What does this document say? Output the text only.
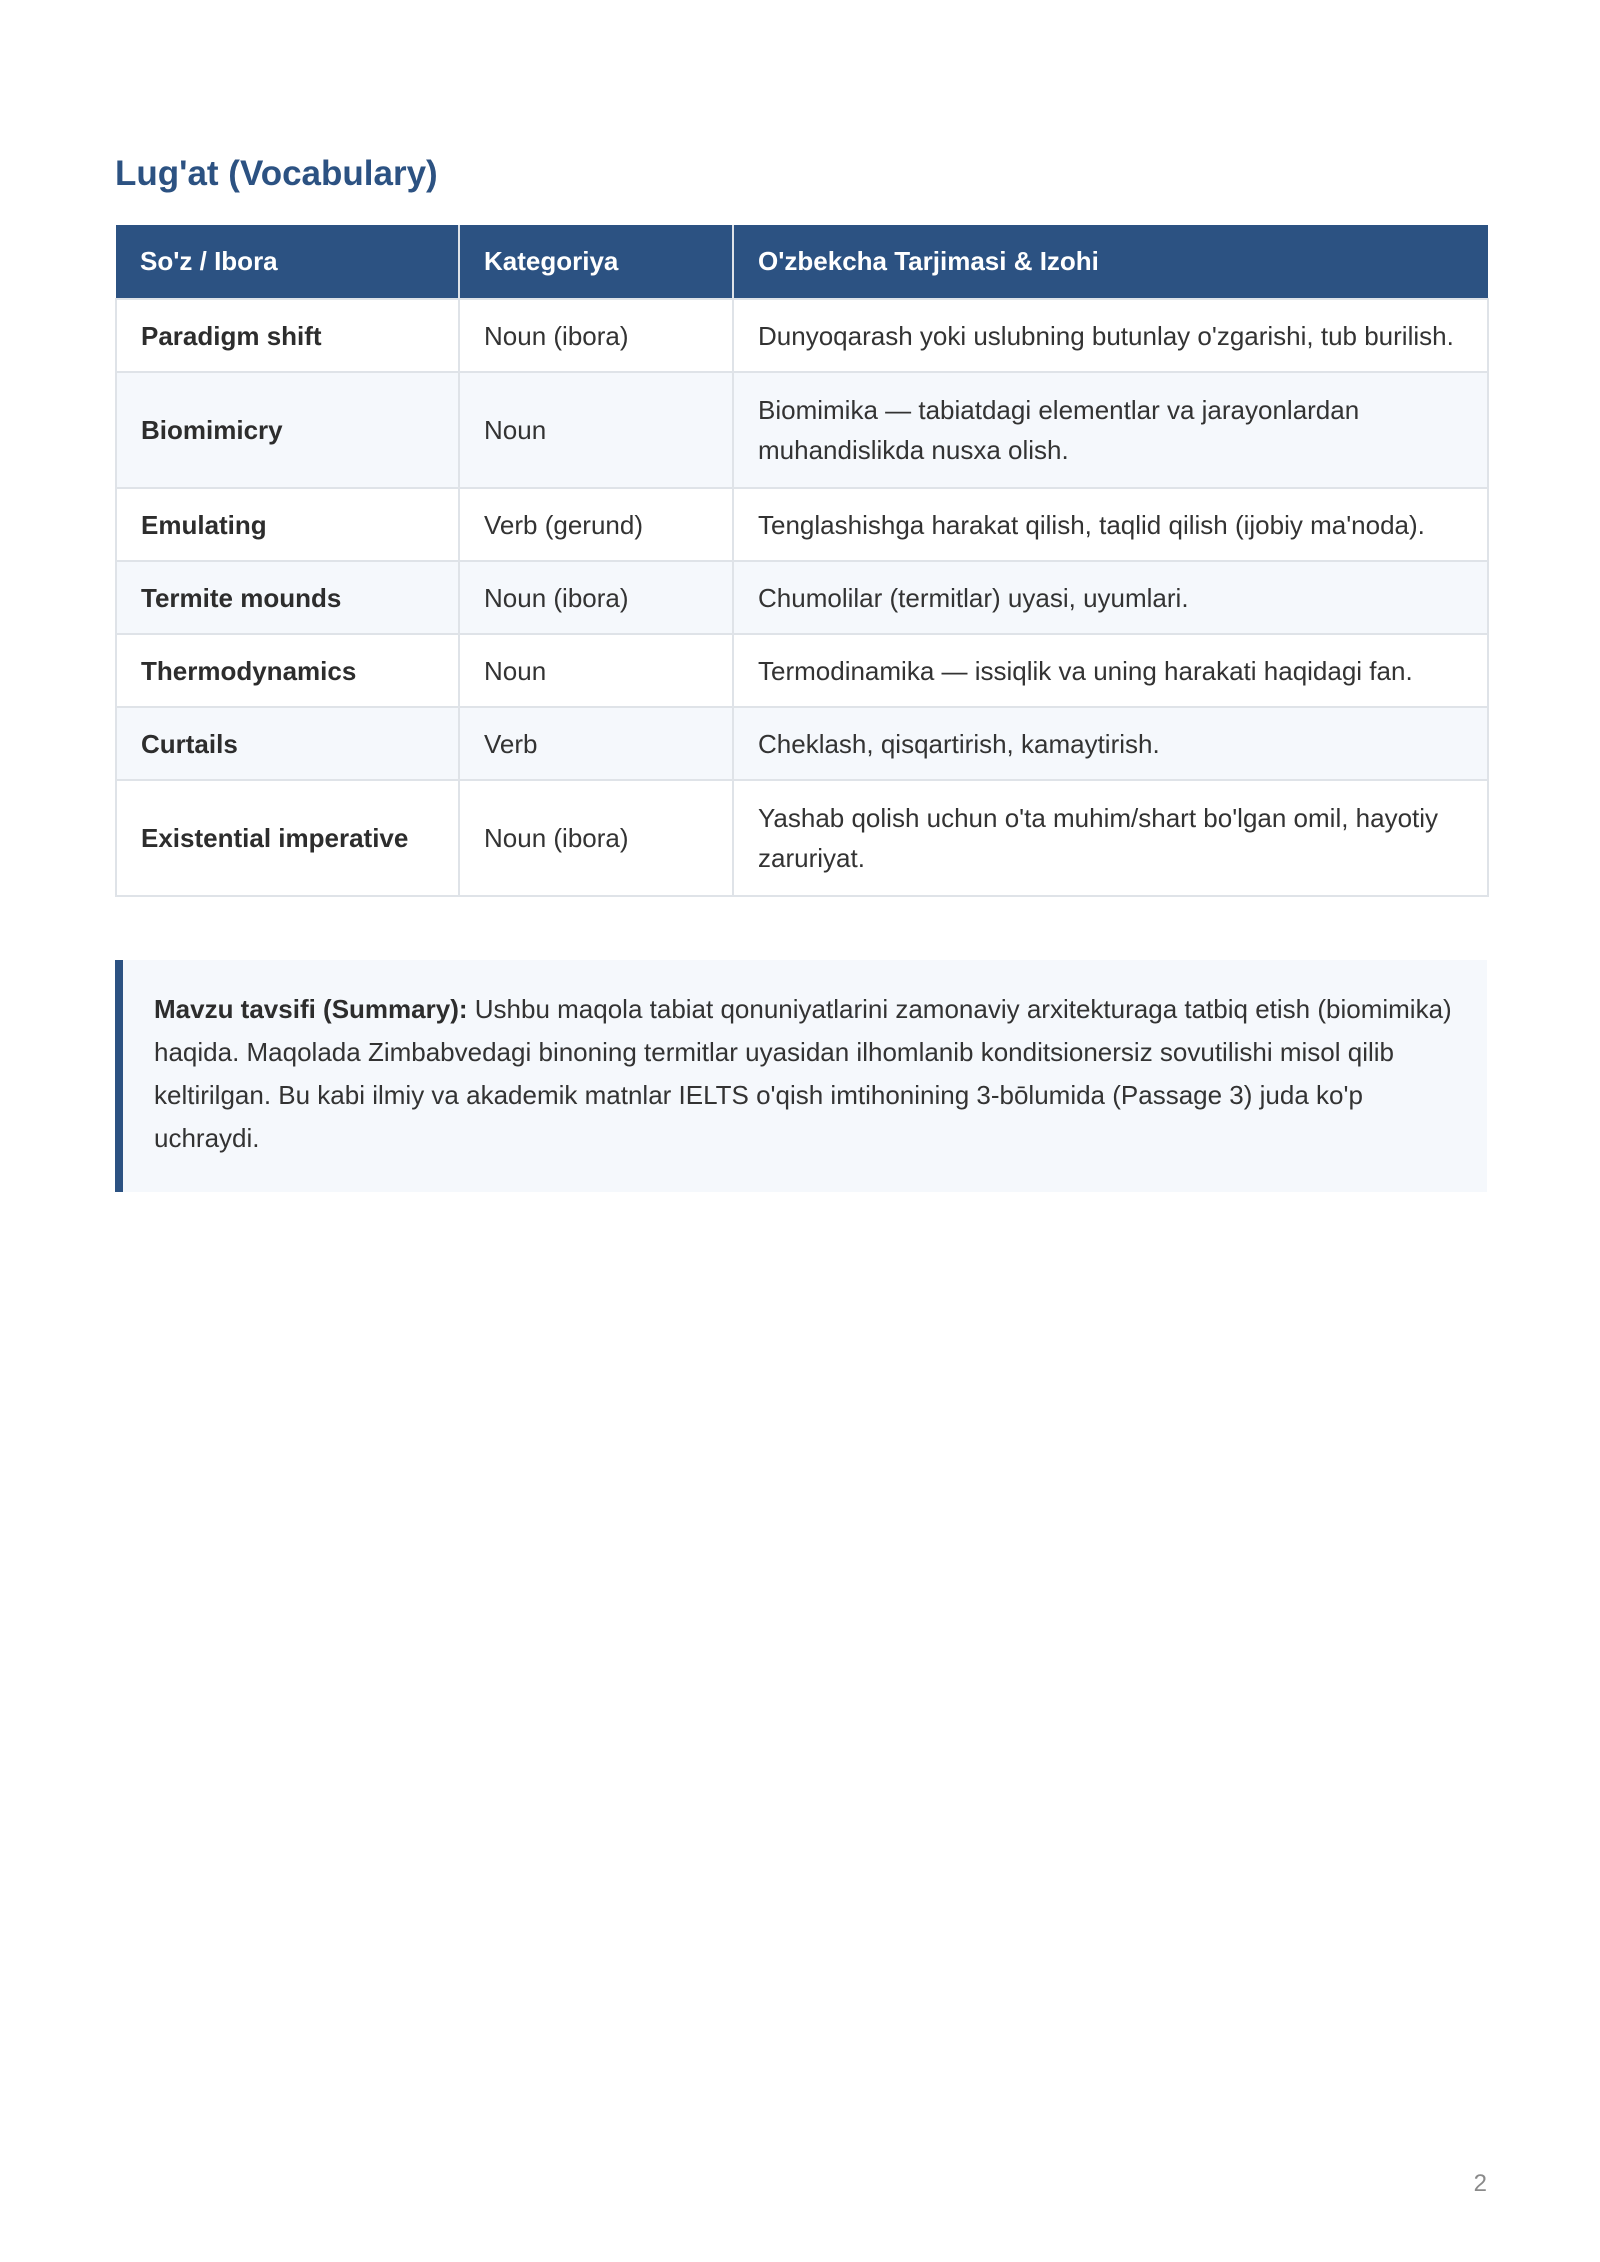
Lug'at (Vocabulary)
So'z / Ibora	Kategoriya	O'zbekcha Tarjimasi & Izohi
Paradigm shift	Noun (ibora)	Dunyoqarash yoki uslubning butunlay o'zgarishi, tub burilish.
Biomimicry	Noun	Biomimika — tabiatdagi elementlar va jarayonlardan muhandislikda nusxa olish.
Emulating	Verb (gerund)	Tenglashishga harakat qilish, taqlid qilish (ijobiy ma'noda).
Termite mounds	Noun (ibora)	Chumolilar (termitlar) uyasi, uyumlari.
Thermodynamics	Noun	Termodinamika — issiqlik va uning harakati haqidagi fan.
Curtails	Verb	Cheklash, qisqartirish, kamaytirish.
Existential imperative	Noun (ibora)	Yashab qolish uchun o'ta muhim/shart bo'lgan omil, hayotiy zaruriyat.
Mavzu tavsifi (Summary): Ushbu maqola tabiat qonuniyatlarini zamonaviy arxitekturaga tatbiq etish (biomimika) haqida. Maqolada Zimbabvedagi binoning termitlar uyasidan ilhomlanib konditsionersiz sovutilishi misol qilib keltirilgan. Bu kabi ilmiy va akademik matnlar IELTS o'qish imtihonining 3-bōlumida (Passage 3) juda ko'p uchraydi.
2
